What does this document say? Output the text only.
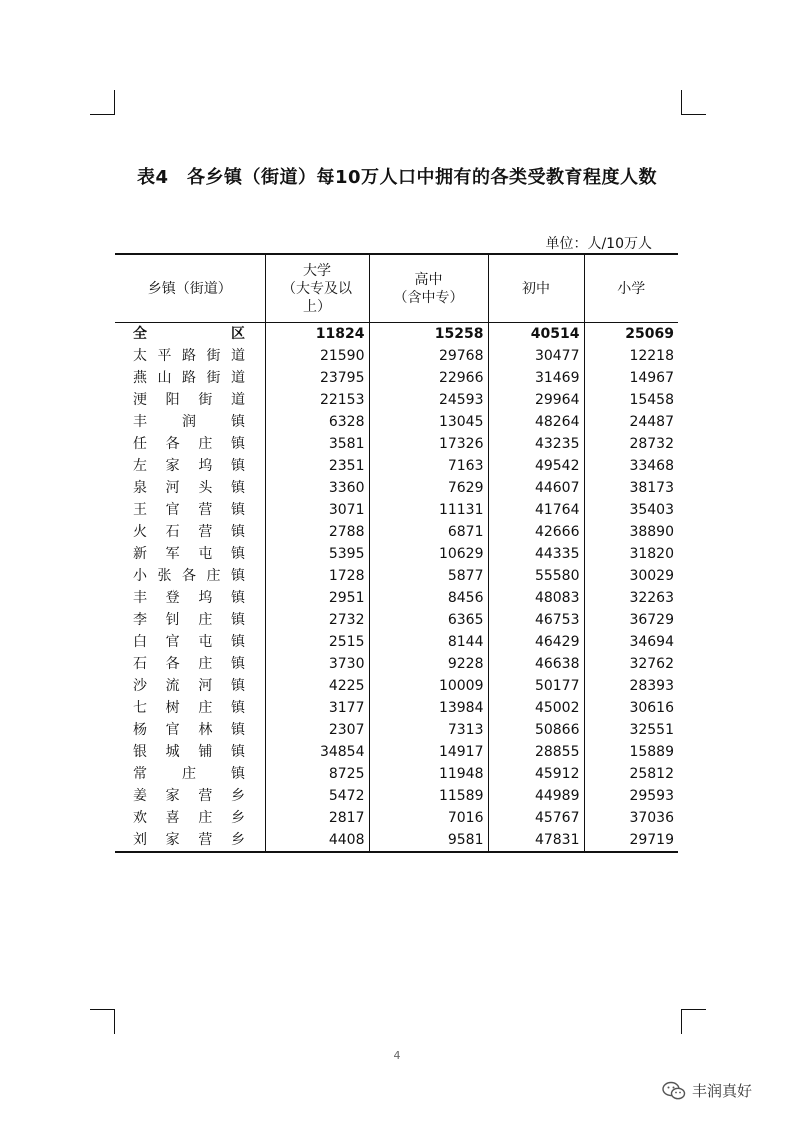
表4　各乡镇（街道）每10万人口中拥有的各类受教育程度人数
单位：人/10万人
乡镇（街道）	大学
（大专及以
上）	高中
（含中专）	初中	小学

全 区	11824	15258	40514	25069

太 平 路 街 道	21590	29768	30477	12218

燕 山 路 街 道	23795	22966	31469	14967

浭 阳 街 道	22153	24593	29964	15458

丰 润 镇	6328	13045	48264	24487

任 各 庄 镇	3581	17326	43235	28732

左 家 坞 镇	2351	7163	49542	33468

泉 河 头 镇	3360	7629	44607	38173

王 官 营 镇	3071	11131	41764	35403

火 石 营 镇	2788	6871	42666	38890

新 军 屯 镇	5395	10629	44335	31820

小 张 各 庄 镇	1728	5877	55580	30029

丰 登 坞 镇	2951	8456	48083	32263

李 钊 庄 镇	2732	6365	46753	36729

白 官 屯 镇	2515	8144	46429	34694

石 各 庄 镇	3730	9228	46638	32762

沙 流 河 镇	4225	10009	50177	28393

七 树 庄 镇	3177	13984	45002	30616

杨 官 林 镇	2307	7313	50866	32551

银 城 铺 镇	34854	14917	28855	15889

常 庄 镇	8725	11948	45912	25812

姜 家 营 乡	5472	11589	44989	29593

欢 喜 庄 乡	2817	7016	45767	37036

刘 家 营 乡	4408	9581	47831	29719
4
丰润真好
